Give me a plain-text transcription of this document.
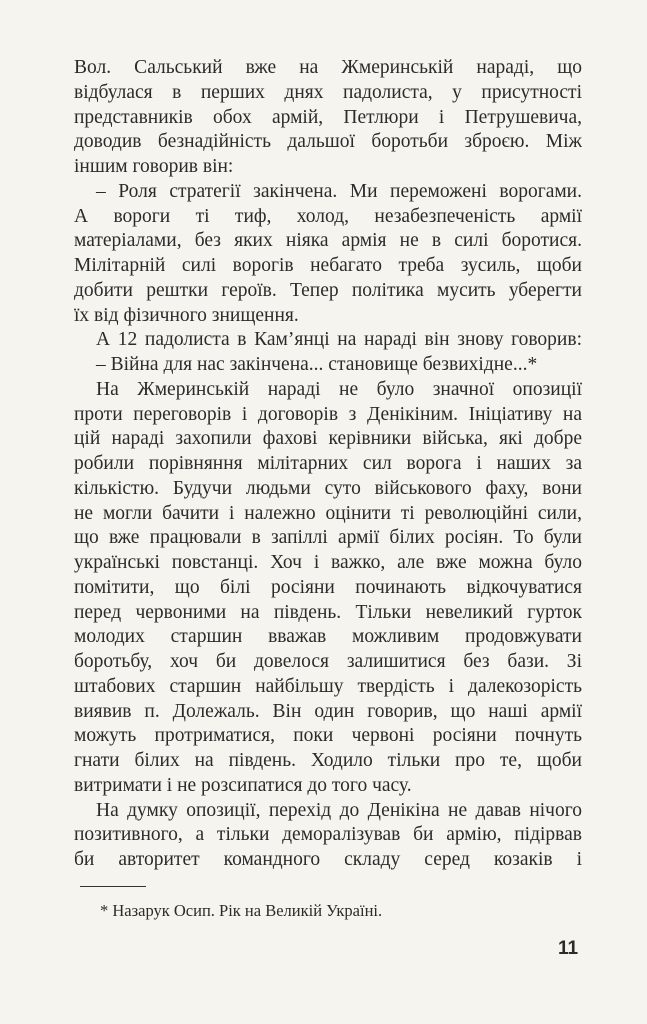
Вол. Сальський вже на Жмеринській нараді, що
відбулася в перших днях падолиста, у присутності
представників обох армій, Петлюри і Петрушевича,
доводив безнадійність дальшої боротьби зброєю. Між
іншим говорив він:
– Роля стратегії закінчена. Ми переможені ворогами.
А вороги ті тиф, холод, незабезпеченість армії
матеріалами, без яких ніяка армія не в силі боротися.
Мілітарній силі ворогів небагато треба зусиль, щоби
добити рештки героїв. Тепер політика мусить уберегти
їх від фізичного знищення.
А 12 падолиста в Кам’янці на нараді він знову говорив:
– Війна для нас закінчена... становище безвихідне...*
На Жмеринській нараді не було значної опозиції
проти переговорів і договорів з Денікіним. Ініціативу на
цій нараді захопили фахові керівники війська, які добре
робили порівняння мілітарних сил ворога і наших за
кількістю. Будучи людьми суто військового фаху, вони
не могли бачити і належно оцінити ті революційні сили,
що вже працювали в запіллі армії білих росіян. То були
українські повстанці. Хоч і важко, але вже можна було
помітити, що білі росіяни починають відкочуватися
перед червоними на південь. Тільки невеликий гурток
молодих старшин вважав можливим продовжувати
боротьбу, хоч би довелося залишитися без бази. Зі
штабових старшин найбільшу твердість і далекозорість
виявив п. Долежаль. Він один говорив, що наші армії
можуть протриматися, поки червоні росіяни почнуть
гнати білих на південь. Ходило тільки про те, щоби
витримати і не розсипатися до того часу.
На думку опозиції, перехід до Денікіна не давав нічого
позитивного, а тільки деморалізував би армію, підірвав
би авторитет командного складу серед козаків і
* Назарук Осип. Рік на Великій Україні.
11
